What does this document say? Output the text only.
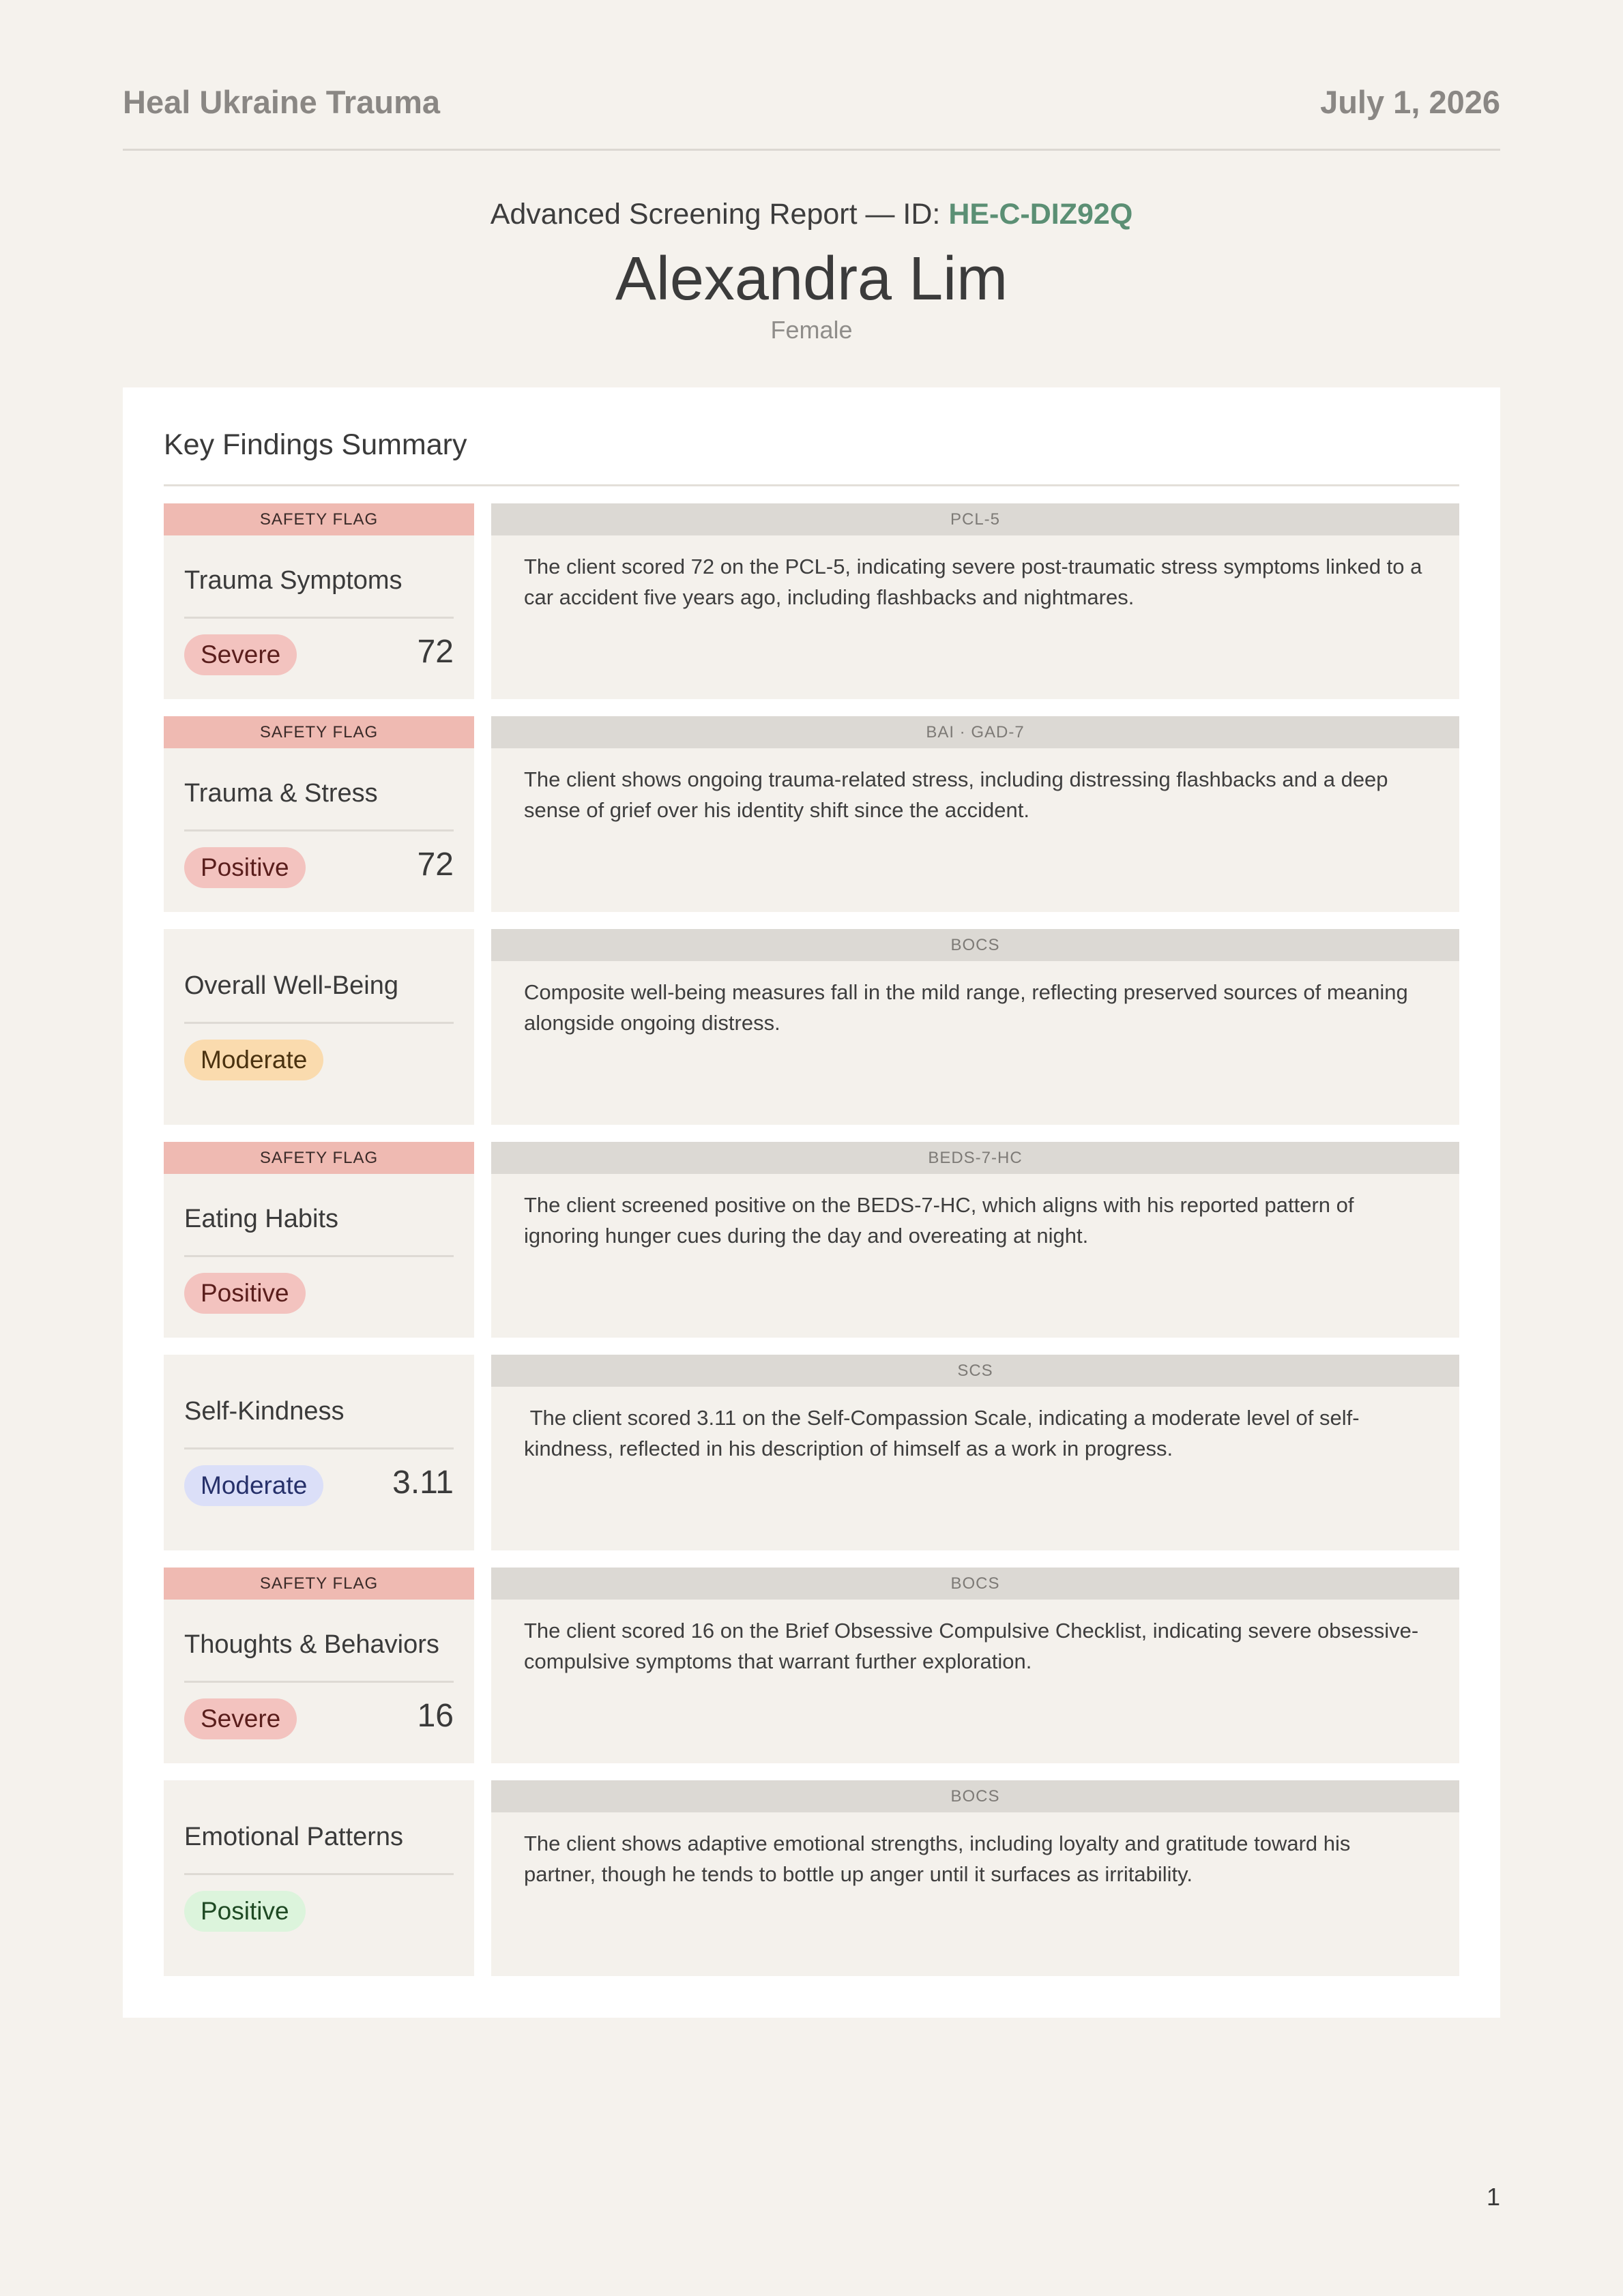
Heal Ukraine Trauma	July 1, 2026
Advanced Screening Report — ID: HE-C-DIZ92Q
Alexandra Lim
Female
Key Findings Summary
SAFETY FLAG
Trauma Symptoms
Severe	72
PCL-5
The client scored 72 on the PCL-5, indicating severe post-traumatic stress symptoms linked to a car accident five years ago, including flashbacks and nightmares.
SAFETY FLAG
Trauma & Stress
Positive	72
BAI · GAD-7
The client shows ongoing trauma-related stress, including distressing flashbacks and a deep sense of grief over his identity shift since the accident.
Overall Well-Being
Moderate
BOCS
Composite well-being measures fall in the mild range, reflecting preserved sources of meaning alongside ongoing distress.
SAFETY FLAG
Eating Habits
Positive
BEDS-7-HC
The client screened positive on the BEDS-7-HC, which aligns with his reported pattern of ignoring hunger cues during the day and overeating at night.
Self-Kindness
Moderate	3.11
SCS
The client scored 3.11 on the Self-Compassion Scale, indicating a moderate level of self-kindness, reflected in his description of himself as a work in progress.
SAFETY FLAG
Thoughts & Behaviors
Severe	16
BOCS
The client scored 16 on the Brief Obsessive Compulsive Checklist, indicating severe obsessive-compulsive symptoms that warrant further exploration.
Emotional Patterns
Positive
BOCS
The client shows adaptive emotional strengths, including loyalty and gratitude toward his partner, though he tends to bottle up anger until it surfaces as irritability.
1
